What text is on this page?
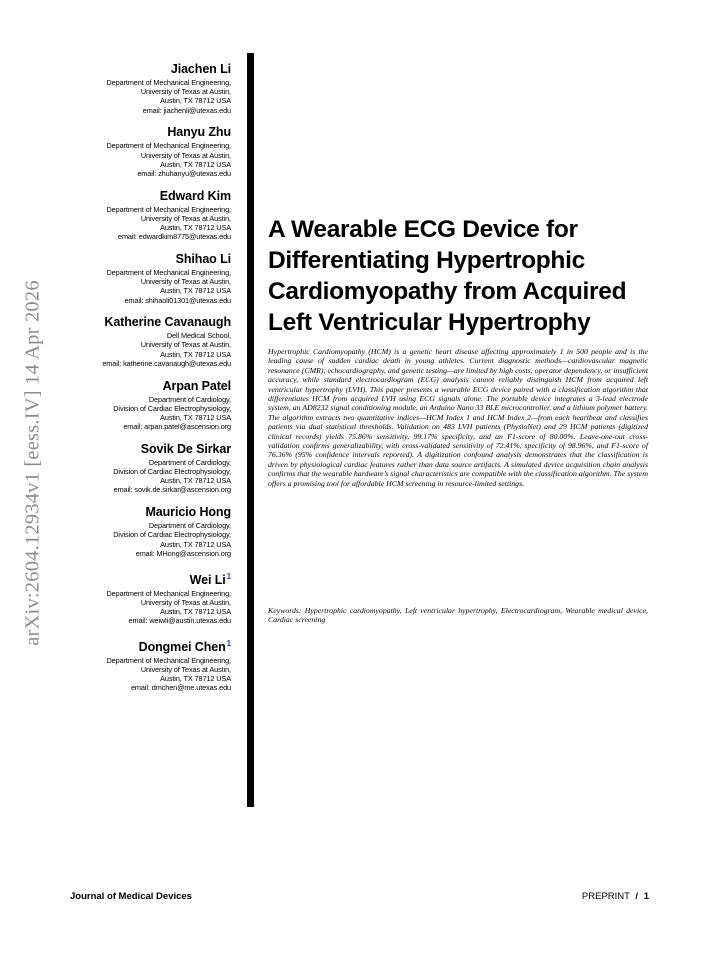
arXiv:2604.12934v1 [eess.IV] 14 Apr 2026
Jiachen Li
Department of Mechanical Engineering,
University of Texas at Austin,
Austin, TX 78712 USA
email: jiachenli@utexas.edu
Hanyu Zhu
Department of Mechanical Engineering,
University of Texas at Austin,
Austin, TX 78712 USA
email: zhuhanyu@utexas.edu
Edward Kim
Department of Mechanical Engineering,
University of Texas at Austin,
Austin, TX 78712 USA
email: edwardkim8775@utexas.edu
Shihao Li
Department of Mechanical Engineering,
University of Texas at Austin,
Austin, TX 78712 USA
email: shihaoli01301@utexas.edu
Katherine Cavanaugh
Dell Medical School,
University of Texas at Austin,
Austin, TX 78712 USA
email: katherine.cavanaugh@utexas.edu
Arpan Patel
Department of Cardiology,
Division of Cardiac Electrophysiology,
Austin, TX 78712 USA
email: arpan.patel@ascension.org
Sovik De Sirkar
Department of Cardiology,
Division of Cardiac Electrophysiology,
Austin, TX 78712 USA
email: sovik.de.sirkar@ascension.org
Mauricio Hong
Department of Cardiology,
Division of Cardiac Electrophysiology,
Austin, TX 78712 USA
email: MHong@ascension.org
Wei Li$^1$
Department of Mechanical Engineering,
University of Texas at Austin,
Austin, TX 78712 USA
email: weiwli@austin.utexas.edu
Dongmei Chen$^1$
Department of Mechanical Engineering,
University of Texas at Austin,
Austin, TX 78712 USA
email: dmchen@me.utexas.edu
A Wearable ECG Device for
Differentiating Hypertrophic
Cardiomyopathy from Acquired
Left Ventricular Hypertrophy
Hypertrophic Cardiomyopathy (HCM) is a genetic heart disease affecting approximately 1 in 500 people and is the leading cause of sudden cardiac death in young athletes. Current diagnostic methods—cardiovascular magnetic resonance (CMR), echocardiography, and genetic testing—are limited by high costs, operator dependency, or insufficient accuracy, while standard electrocardiogram (ECG) analysis cannot reliably distinguish HCM from acquired left ventricular hypertrophy (LVH). This paper presents a wearable ECG device paired with a classification algorithm that differentiates HCM from acquired LVH using ECG signals alone. The portable device integrates a 3-lead electrode system, an AD8232 signal conditioning module, an Arduino Nano 33 BLE microcontroller, and a lithium polymer battery. The algorithm extracts two quantitative indices—HCM Index 1 and HCM Index 2—from each heartbeat and classifies patients via dual statistical thresholds. Validation on 483 LVH patients (PhysioNet) and 29 HCM patients (digitized clinical records) yields 75.86% sensitivity, 99.17% specificity, and an F1-score of 80.00%. Leave-one-out cross-validation confirms generalizability, with cross-validated sensitivity of 72.41%, specificity of 98.96%, and F1-score of 76.36% (95% confidence intervals reported). A digitization confound analysis demonstrates that the classification is driven by physiological cardiac features rather than data source artifacts. A simulated device acquisition chain analysis confirms that the wearable hardware’s signal characteristics are compatible with the classification algorithm. The system offers a promising tool for affordable HCM screening in resource-limited settings.
Keywords: Hypertrophic cardiomyopathy, Left ventricular hypertrophy, Electrocardiogram, Wearable medical device, Cardiac screening
Journal of Medical Devices	PREPRINT / 1
